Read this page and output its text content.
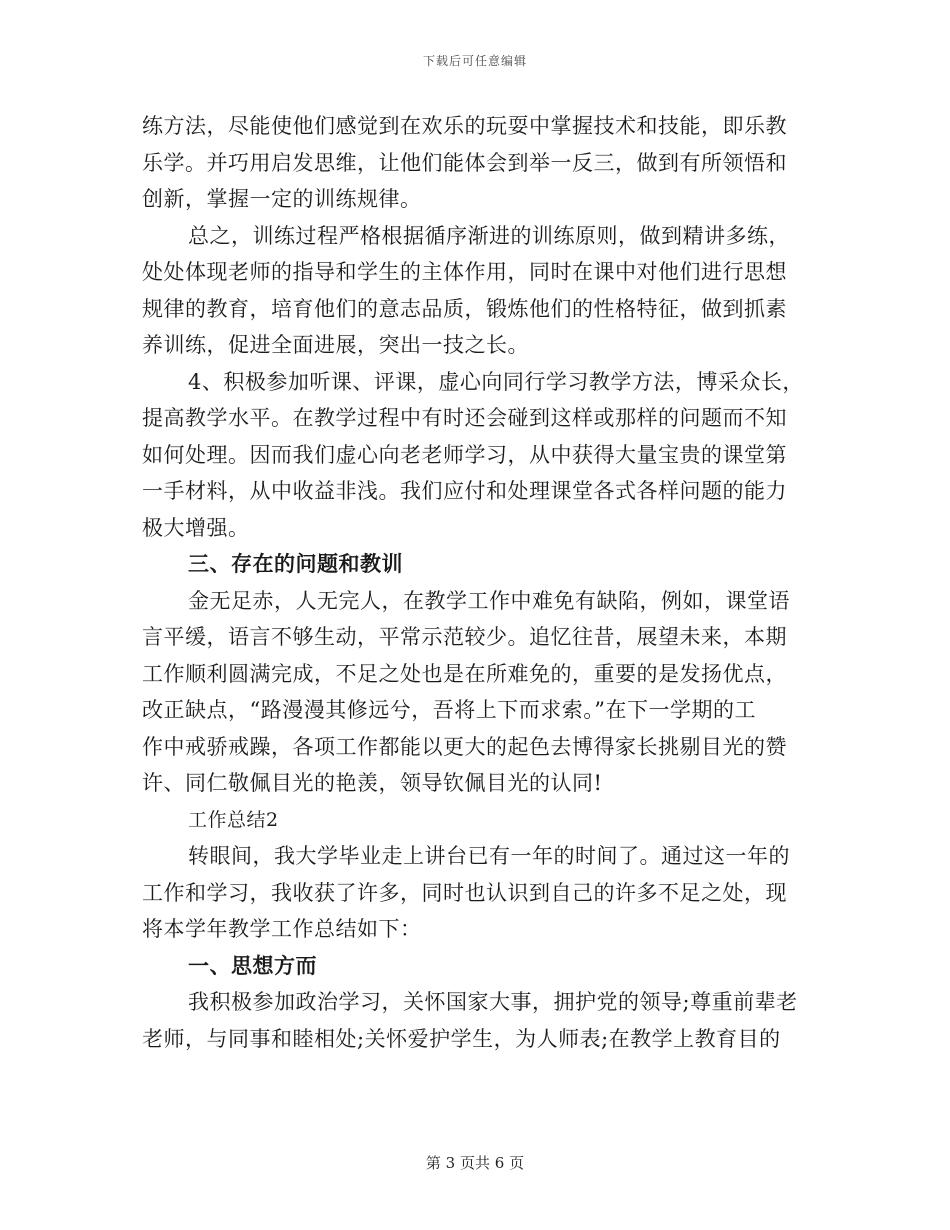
下载后可任意编辑
练方法，尽能使他们感觉到在欢乐的玩耍中掌握技术和技能，即乐教
乐学。并巧用启发思维，让他们能体会到举一反三，做到有所领悟和
创新，掌握一定的训练规律。
总之，训练过程严格根据循序渐进的训练原则，做到精讲多练，
处处体现老师的指导和学生的主体作用，同时在课中对他们进行思想
规律的教育，培育他们的意志品质，锻炼他们的性格特征，做到抓素
养训练，促进全面进展，突出一技之长。
4、积极参加听课、评课，虚心向同行学习教学方法，博采众长，
提高教学水平。在教学过程中有时还会碰到这样或那样的问题而不知
如何处理。因而我们虚心向老老师学习，从中获得大量宝贵的课堂第
一手材料，从中收益非浅。我们应付和处理课堂各式各样问题的能力
极大增强。
三、存在的问题和教训
金无足赤，人无完人，在教学工作中难免有缺陷，例如，课堂语
言平缓，语言不够生动，平常示范较少。追忆往昔，展望未来，本期
工作顺利圆满完成，不足之处也是在所难免的，重要的是发扬优点，
改正缺点，“路漫漫其修远兮，吾将上下而求索。”在下一学期的工
作中戒骄戒躁，各项工作都能以更大的起色去博得家长挑剔目光的赞
许、同仁敬佩目光的艳羡，领导钦佩目光的认同!
工作总结2
转眼间，我大学毕业走上讲台已有一年的时间了。通过这一年的
工作和学习，我收获了许多，同时也认识到自己的许多不足之处，现
将本学年教学工作总结如下：
一、思想方而
我积极参加政治学习，关怀国家大事，拥护党的领导;尊重前辈老
老师，与同事和睦相处;关怀爱护学生，为人师表;在教学上教育目的
第 3 页共 6 页
